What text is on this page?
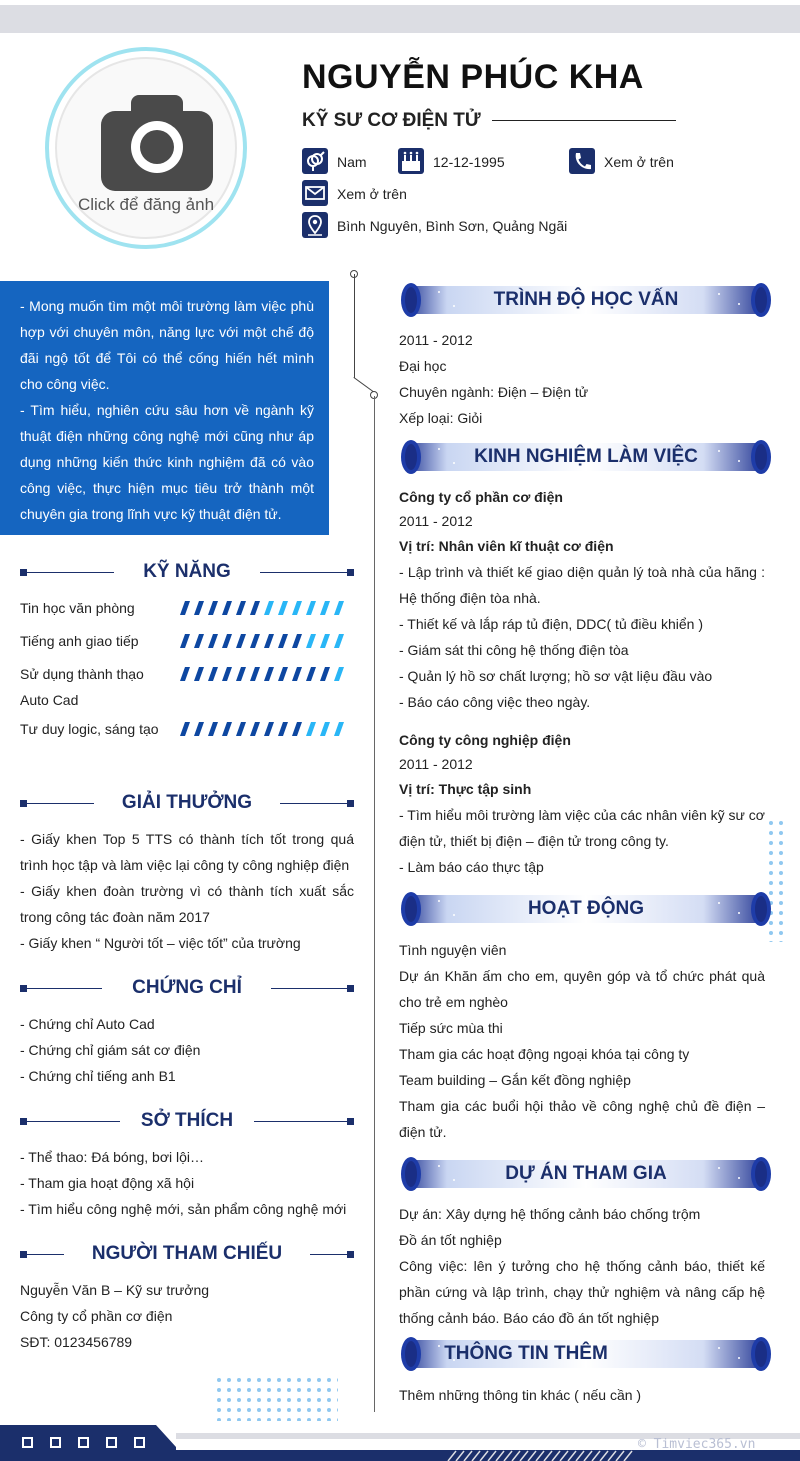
Click để đăng ảnh
NGUYỄN PHÚC KHA
KỸ SƯ CƠ ĐIỆN TỬ
Nam	12-12-1995	Xem ở trên
Xem ở trên
Bình Nguyên, Bình Sơn, Quảng Ngãi
- Mong muốn tìm một môi trường làm việc phù hợp với chuyên môn, năng lực với một chế độ đãi ngộ tốt để Tôi có thể cống hiến hết mình cho công việc.
- Tìm hiểu, nghiên cứu sâu hơn về ngành kỹ thuật điện những công nghệ mới cũng như áp dụng những kiến thức kinh nghiệm đã có vào công việc, thực hiện mục tiêu trở thành một chuyên gia trong lĩnh vực kỹ thuật điện tử.
KỸ NĂNG
Tin học văn phòng
Tiếng anh giao tiếp
Sử dụng thành thạo Auto Cad
Tư duy logic, sáng tạo
GIẢI THƯỞNG
- Giấy khen Top 5 TTS có thành tích tốt trong quá trình học tập và làm việc lại công ty công nghiệp điện
- Giấy khen đoàn trường vì có thành tích xuất sắc trong công tác đoàn năm 2017
- Giấy khen “ Người tốt – việc tốt” của trường
CHỨNG CHỈ
- Chứng chỉ Auto Cad
- Chứng chỉ giám sát cơ điện
- Chứng chỉ tiếng anh B1
SỞ THÍCH
- Thể thao: Đá bóng, bơi lội…
- Tham gia hoạt động xã hội
- Tìm hiểu công nghệ mới, sản phẩm công nghệ mới
NGƯỜI THAM CHIẾU
Nguyễn Văn B – Kỹ sư trưởng
Công ty cổ phần cơ điện
SĐT: 0123456789
TRÌNH ĐỘ HỌC VẤN
2011 - 2012
Đại học
Chuyên ngành: Điện – Điện tử
Xếp loại: Giỏi
KINH NGHIỆM LÀM VIỆC
Công ty cổ phần cơ điện
2011 - 2012
Vị trí: Nhân viên kĩ thuật cơ điện
- Lập trình và thiết kế giao diện quản lý toà nhà của hãng : Hệ thống điện tòa nhà.
- Thiết kế và lắp ráp tủ điện, DDC( tủ điều khiển )
- Giám sát thi công hệ thống điện tòa
- Quản lý hồ sơ chất lượng; hồ sơ vật liệu đầu vào
- Báo cáo công việc theo ngày.
Công ty công nghiệp điện
2011 - 2012
Vị trí: Thực tập sinh
- Tìm hiểu môi trường làm việc của các nhân viên kỹ sư cơ điện tử, thiết bị điện – điện tử trong công ty.
- Làm báo cáo thực tập
HOẠT ĐỘNG
Tình nguyện viên
Dự án Khăn ấm cho em, quyên góp và tổ chức phát quà cho trẻ em nghèo
Tiếp sức mùa thi
Tham gia các hoạt động ngoại khóa tại công ty
Team building – Gắn kết đồng nghiệp
Tham gia các buổi hội thảo về công nghệ chủ đề điện – điện tử.
DỰ ÁN THAM GIA
Dự án: Xây dựng hệ thống cảnh báo chống trộm
Đồ án tốt nghiệp
Công việc: lên ý tưởng cho hệ thống cảnh báo, thiết kế phần cứng và lập trình, chạy thử nghiệm và nâng cấp hệ thống cảnh báo. Báo cáo đồ án tốt nghiệp
THÔNG TIN THÊM
Thêm những thông tin khác ( nếu cần )
© Timviec365.vn
